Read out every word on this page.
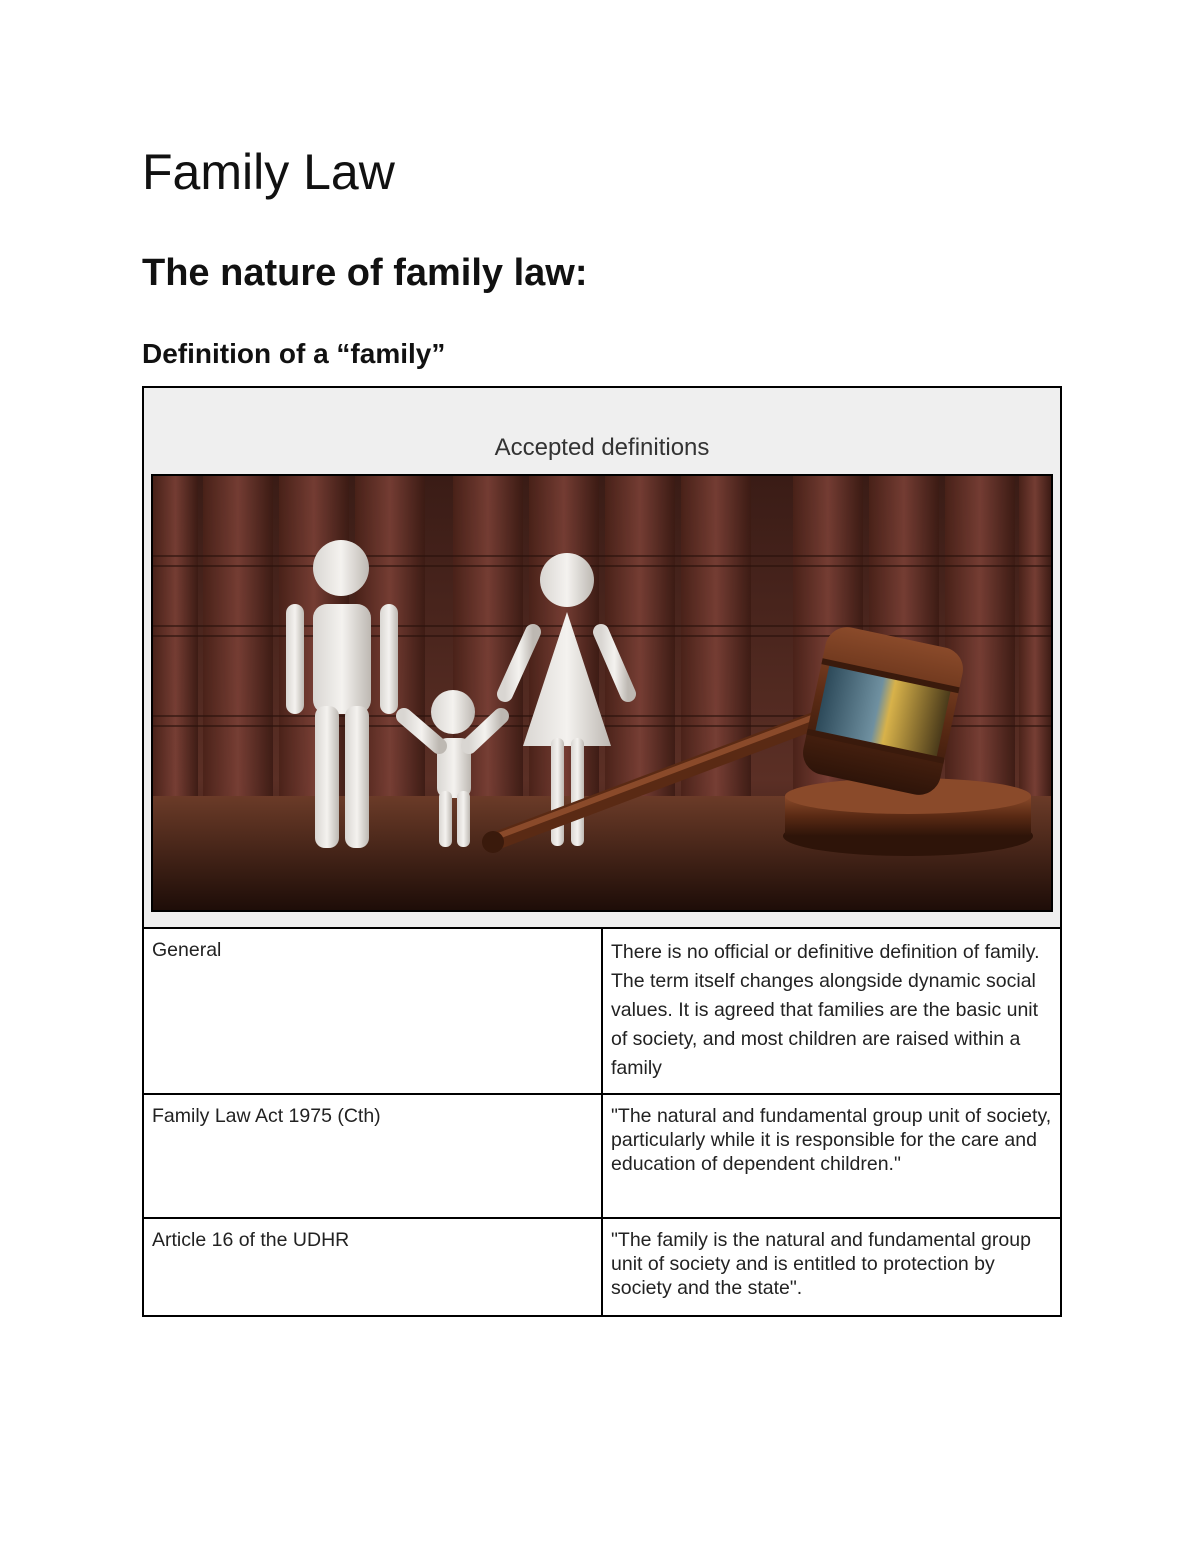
Family Law
The nature of family law:
Definition of a “family”
Accepted definitions	

General	There is no official or definitive definition of family. The term itself changes alongside dynamic social values. It is agreed that families are the basic unit of society, and most children are raised within a family
Family Law Act 1975 (Cth)	"The natural and fundamental group unit of society, particularly while it is responsible for the care and education of dependent children."
Article 16 of the UDHR	"The family is the natural and fundamental group unit of society and is entitled to protection by society and the state".
